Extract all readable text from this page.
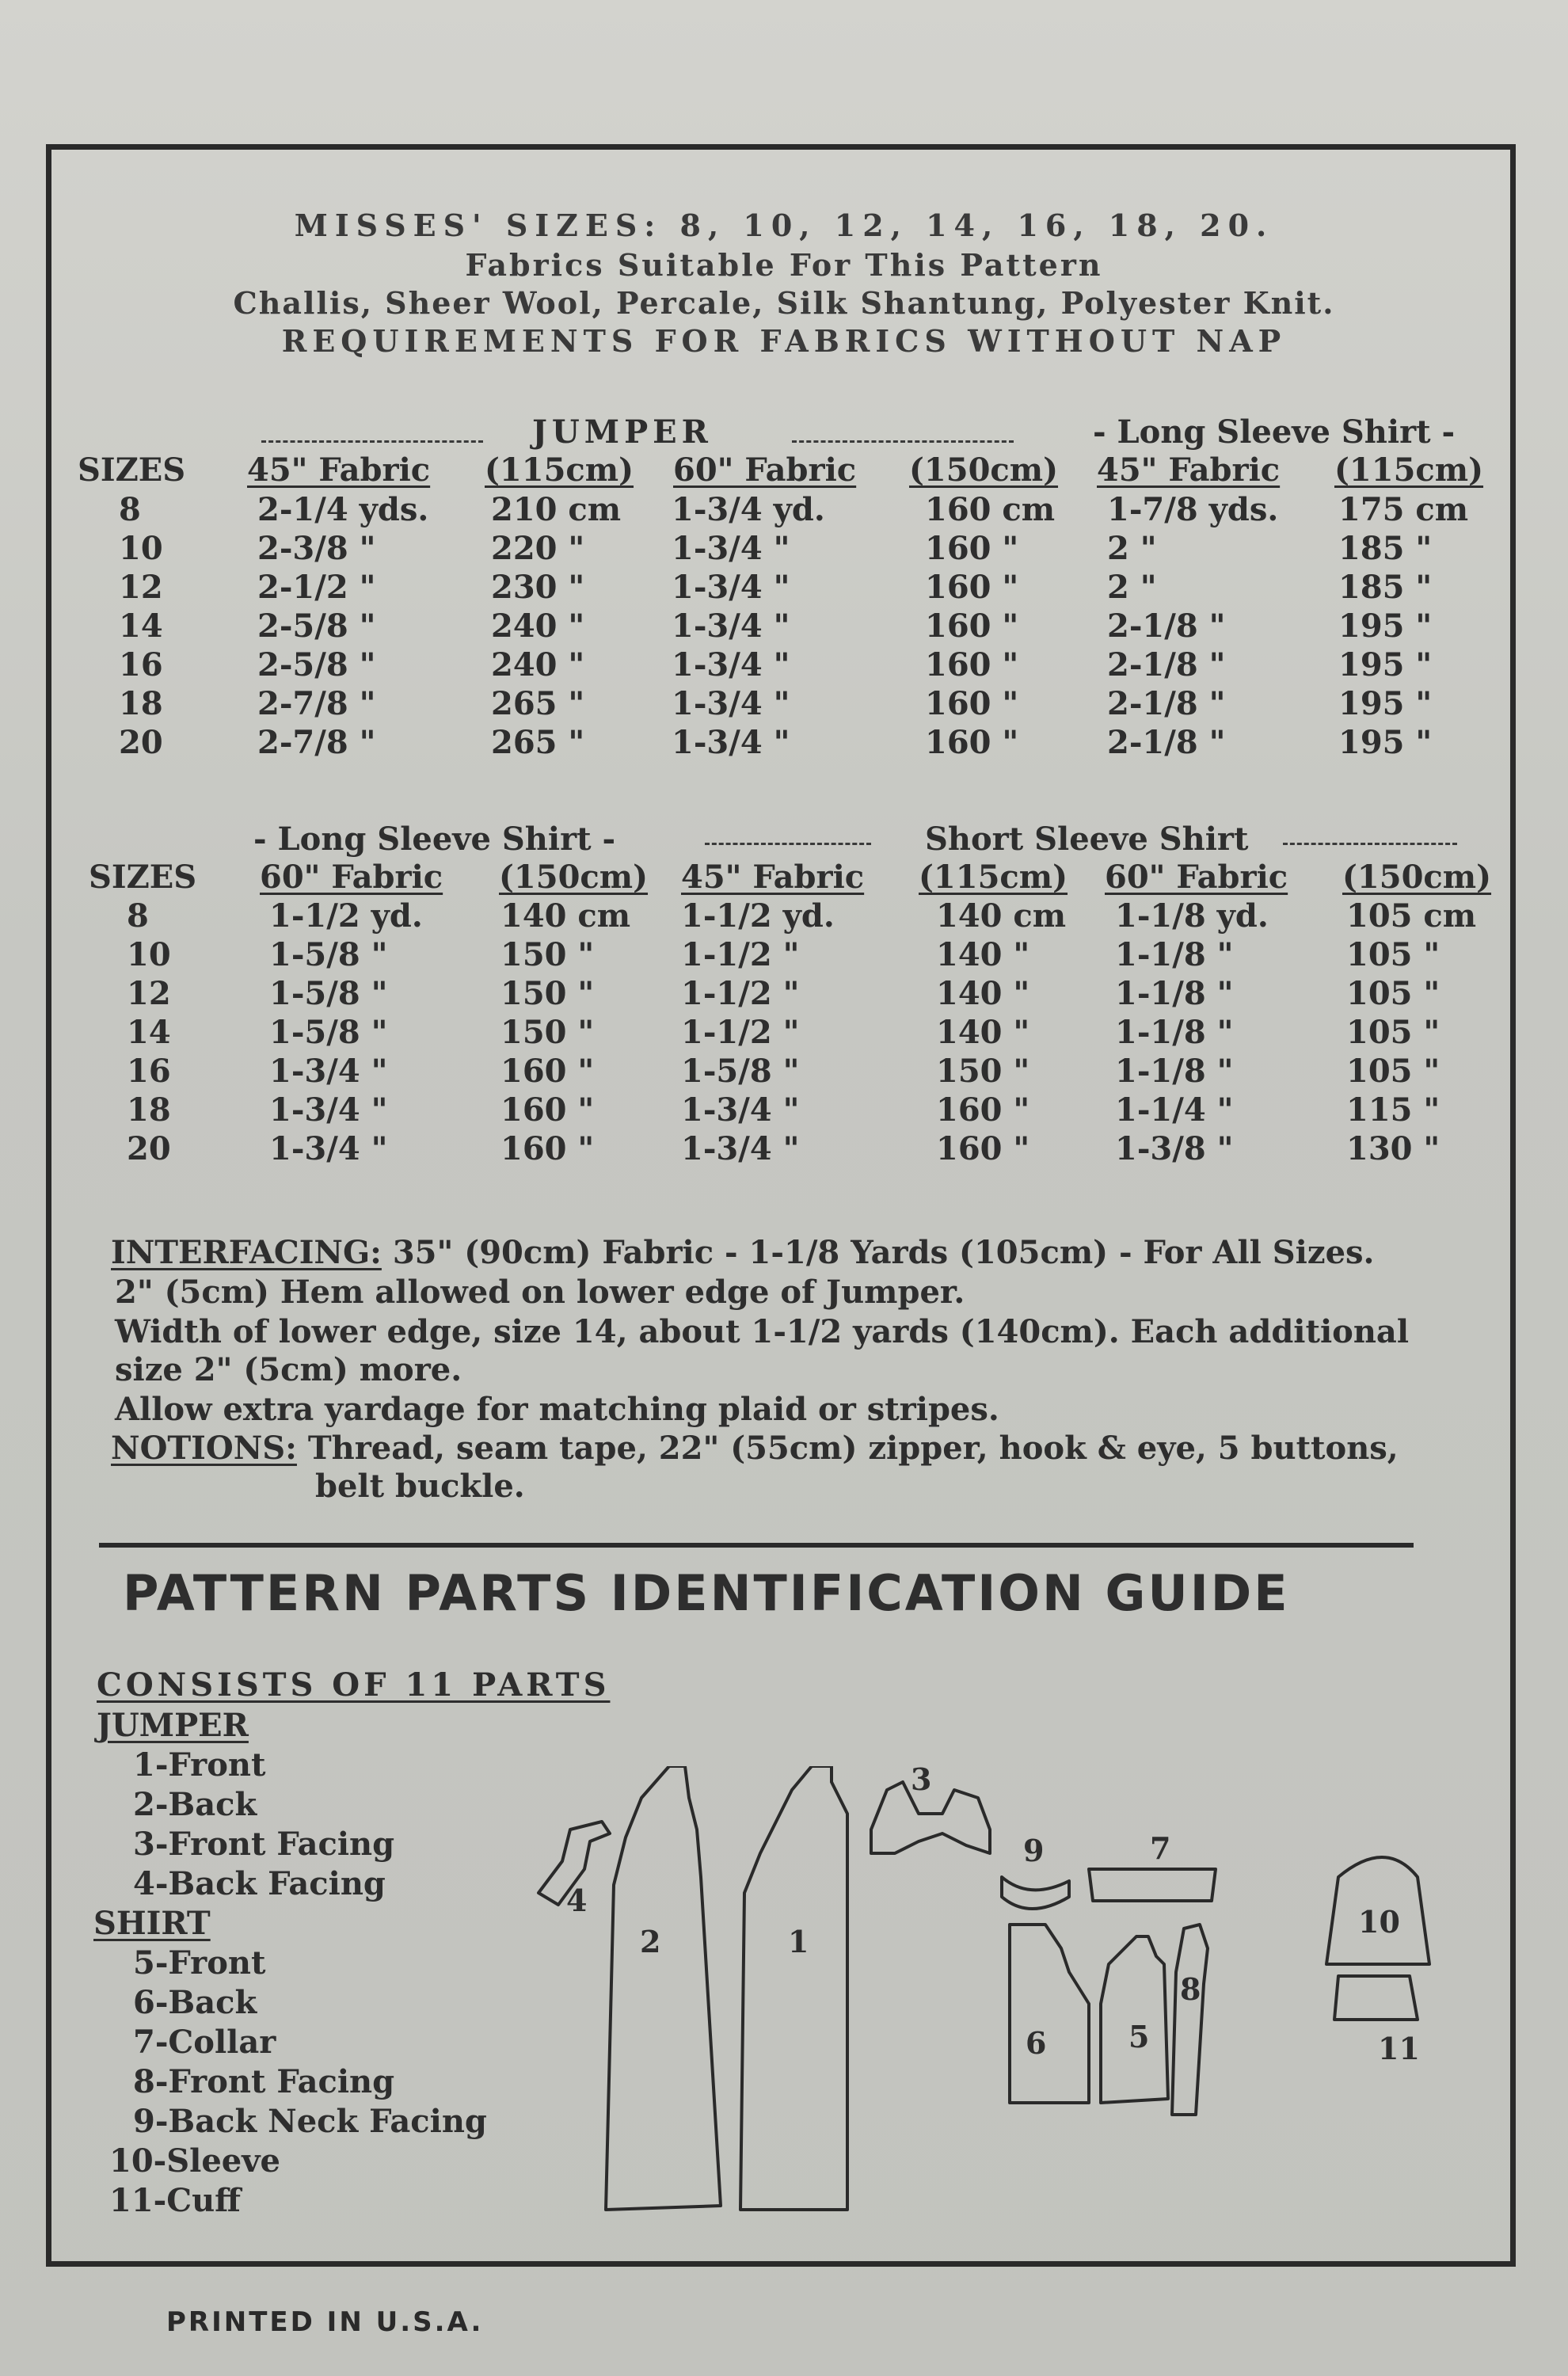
MISSES' SIZES: 8, 10, 12, 14, 16, 18, 20.
Fabrics Suitable For This Pattern
Challis, Sheer Wool, Percale, Silk Shantung, Polyester Knit.
REQUIREMENTS FOR FABRICS WITHOUT NAP
JUMPER	- Long Sleeve Shirt -
SIZES 45" Fabric (115cm) 60" Fabric (150cm) 45" Fabric (115cm)
8	2-1/4 yds. 210 cm 1-3/4 yd.	160 cm 1-7/8 yds. 175 cm
10	2-3/8 "	220 "	1-3/4 "	160 "	2 "	185 "
12	2-1/2 "	230 "	1-3/4 "	160 "	2 "	185 "
14	2-5/8 "	240 "	1-3/4 "	160 "	2-1/8 "	195 "
16	2-5/8 "	240 "	1-3/4 "	160 "	2-1/8 "	195 "
18	2-7/8 "	265 "	1-3/4 "	160 "	2-1/8 "	195 "
20	2-7/8 "	265 "	1-3/4 "	160 "	2-1/8 "	195 "
- Long Sleeve Shirt -	Short Sleeve Shirt
SIZES 60" Fabric (150cm) 45" Fabric (115cm) 60" Fabric (150cm)
8	1-1/2 yd. 140 cm 1-1/2 yd.	140 cm 1-1/8 yd. 105 cm
10	1-5/8 "	150 "	1-1/2 "	140 "	1-1/8 "	105 "
12	1-5/8 "	150 "	1-1/2 "	140 "	1-1/8 "	105 "
14	1-5/8 "	150 "	1-1/2 "	140 "	1-1/8 "	105 "
16	1-3/4 "	160 "	1-5/8 "	150 "	1-1/8 "	105 "
18	1-3/4 "	160 "	1-3/4 "	160 "	1-1/4 "	115 "
20	1-3/4 "	160 "	1-3/4 "	160 "	1-3/8 "	130 "
INTERFACING: 35" (90cm) Fabric - 1-1/8 Yards (105cm) - For All Sizes.
2" (5cm) Hem allowed on lower edge of Jumper.
Width of lower edge, size 14, about 1-1/2 yards (140cm). Each additional
size 2" (5cm) more.
Allow extra yardage for matching plaid or stripes.
NOTIONS: Thread, seam tape, 22" (55cm) zipper, hook & eye, 5 buttons,
belt buckle.
PATTERN PARTS IDENTIFICATION GUIDE
CONSISTS OF 11 PARTS
JUMPER
1-Front
2-Back
3-Front Facing
4-Back Facing
SHIRT
5-Front
6-Back
7-Collar
8-Front Facing
9-Back Neck Facing
10-Sleeve
11-Cuff
4
2	1
3
9	7
6	5
8
10
11
PRINTED IN U.S.A.
